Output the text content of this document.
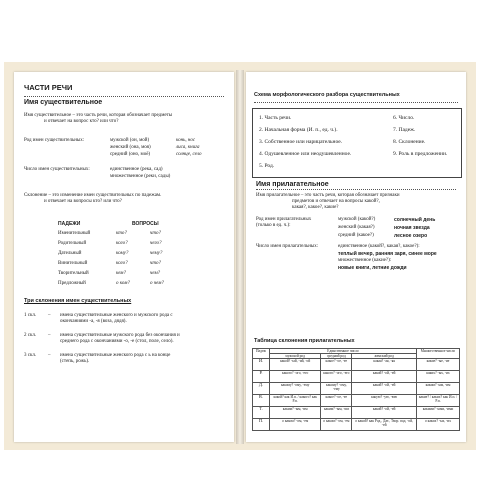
ЧАСТИ РЕЧИ
Имя существительное
Имя существительное – это часть речи, которая обозначает предметы
и отвечает на вопрос кто? или что?
Род имен существительных:	мужской (он, мой)	конь, нос
женский (она, моя)	лиса, книга
средний (оно, моё)	солнце, село
Число имен существительных:	единственное (река, сад)
множественное (реки, сады)
Склонение – это изменение имен существительных по падежам.
и отвечает на вопросы кто? или что?
ПАДЕЖИ	ВОПРОСЫ
Именительный	кто?	что?
Родительный	кого?	чего?
Дательный	кому?	чему?
Винительный	кого?	что?
Творительный	кем?	чем?
Предложный	о ком?	о чем?
Три склонения имен существительных
1 скл. – имена существительные женского и мужского рода с
окончаниями -а, -я (воза, дядя).
2 скл. – имена существительные мужского рода без окончания и
среднего рода с окончаниями -о, -е (стол, поле, село).
3 скл. – имена существительные женского рода с ь на конце
(степь, рожь).
Схема морфологического разбора существительных
1. Часть речи.
2. Начальная форма (И. п., ед. ч.).
3. Собственное или нарицательное.
4. Одушевленное или неодушевленное.
5. Род.
6. Число.
7. Падеж.
8. Склонение.
9. Роль в предложении.
Имя прилагательное
Имя прилагательное – это часть речи, которая обозначает признаки
предметов и отвечает на вопросы какой?,
какая?, какое?, какие?
Род имен прилагательных
(только в ед. ч.):
мужской (какой?)	солнечный день
женский (какая?)	ночная звезда
средний (какое?)	лесное озеро
Число имен прилагательных:	единственное (какой?, какая?, какое?):
теплый вечер, ранняя заря, синее море
множественное (какие?):
новые книги, летние дожди
Таблица склонения прилагательных
Падеж	Единственное число			Множественное число
	мужской род	средний род	женский род	
И.	какой? -ый, -ий, -ой	какое? -ое, -ее	какая? -ая, -яя	какие? -ые, -ие
Р.	какого? -ого, -его	какого? -ого, -его	какой? -ой, -ей	каких? -ых, -их
Д.	какому? -ому, -ему	какому? -ому, -ему	какой? -ой, -ей	каким? -ым, -им
В.	какой? как И.п. / какого? как Р.п.	какое? -ое, -ее	какую? -ую, -юю	какие? / каких? как И.п. / Р.п.
Т.	каким? -ым, -им	каким? -ым, -им	какой? -ой, -ей	какими? -ыми, -ими
П.	о каком? -ом, -ем	о каком? -ом, -ем	о какой? как Род., Дат., Твор. пад. -ой, -ей	о каких? -ых, -их
